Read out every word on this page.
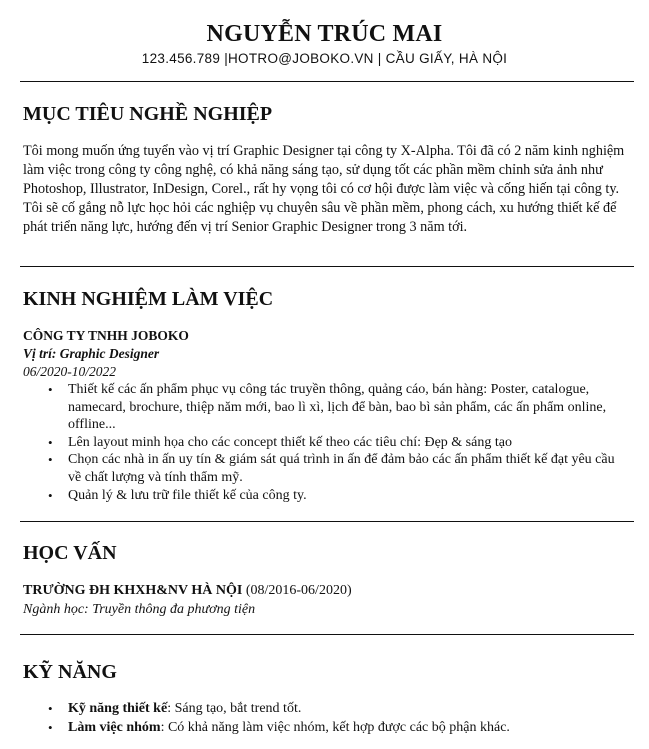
NGUYỄN TRÚC MAI
123.456.789 |HOTRO@JOBOKO.VN | CẦU GIẤY, HÀ NỘI
MỤC TIÊU NGHỀ NGHIỆP
Tôi mong muốn ứng tuyển vào vị trí Graphic Designer tại công ty X-Alpha. Tôi đã có 2 năm kinh nghiệm làm việc trong công ty công nghệ, có khả năng sáng tạo, sử dụng tốt các phần mềm chỉnh sửa ảnh như Photoshop, Illustrator, InDesign, Corel., rất hy vọng tôi có cơ hội được làm việc và cống hiến tại công ty. Tôi sẽ cố gắng nỗ lực học hỏi các nghiệp vụ chuyên sâu về phần mềm, phong cách, xu hướng thiết kế để phát triển năng lực, hướng đến vị trí Senior Graphic Designer trong 3 năm tới.
KINH NGHIỆM LÀM VIỆC
CÔNG TY TNHH JOBOKO
Vị trí: Graphic Designer
06/2020-10/2022
• Thiết kế các ấn phẩm phục vụ công tác truyền thông, quảng cáo, bán hàng: Poster, catalogue, namecard, brochure, thiệp năm mới, bao lì xì, lịch để bàn, bao bì sản phẩm, các ấn phẩm online, offline...
• Lên layout minh họa cho các concept thiết kế theo các tiêu chí: Đẹp & sáng tạo
• Chọn các nhà in ấn uy tín & giám sát quá trình in ấn để đảm bảo các ấn phẩm thiết kế đạt yêu cầu về chất lượng và tính thẩm mỹ.
• Quản lý & lưu trữ file thiết kế của công ty.
HỌC VẤN
TRƯỜNG ĐH KHXH&NV HÀ NỘI (08/2016-06/2020)
Ngành học: Truyền thông đa phương tiện
KỸ NĂNG
• Kỹ năng thiết kế: Sáng tạo, bắt trend tốt.
• Làm việc nhóm: Có khả năng làm việc nhóm, kết hợp được các bộ phận khác.
